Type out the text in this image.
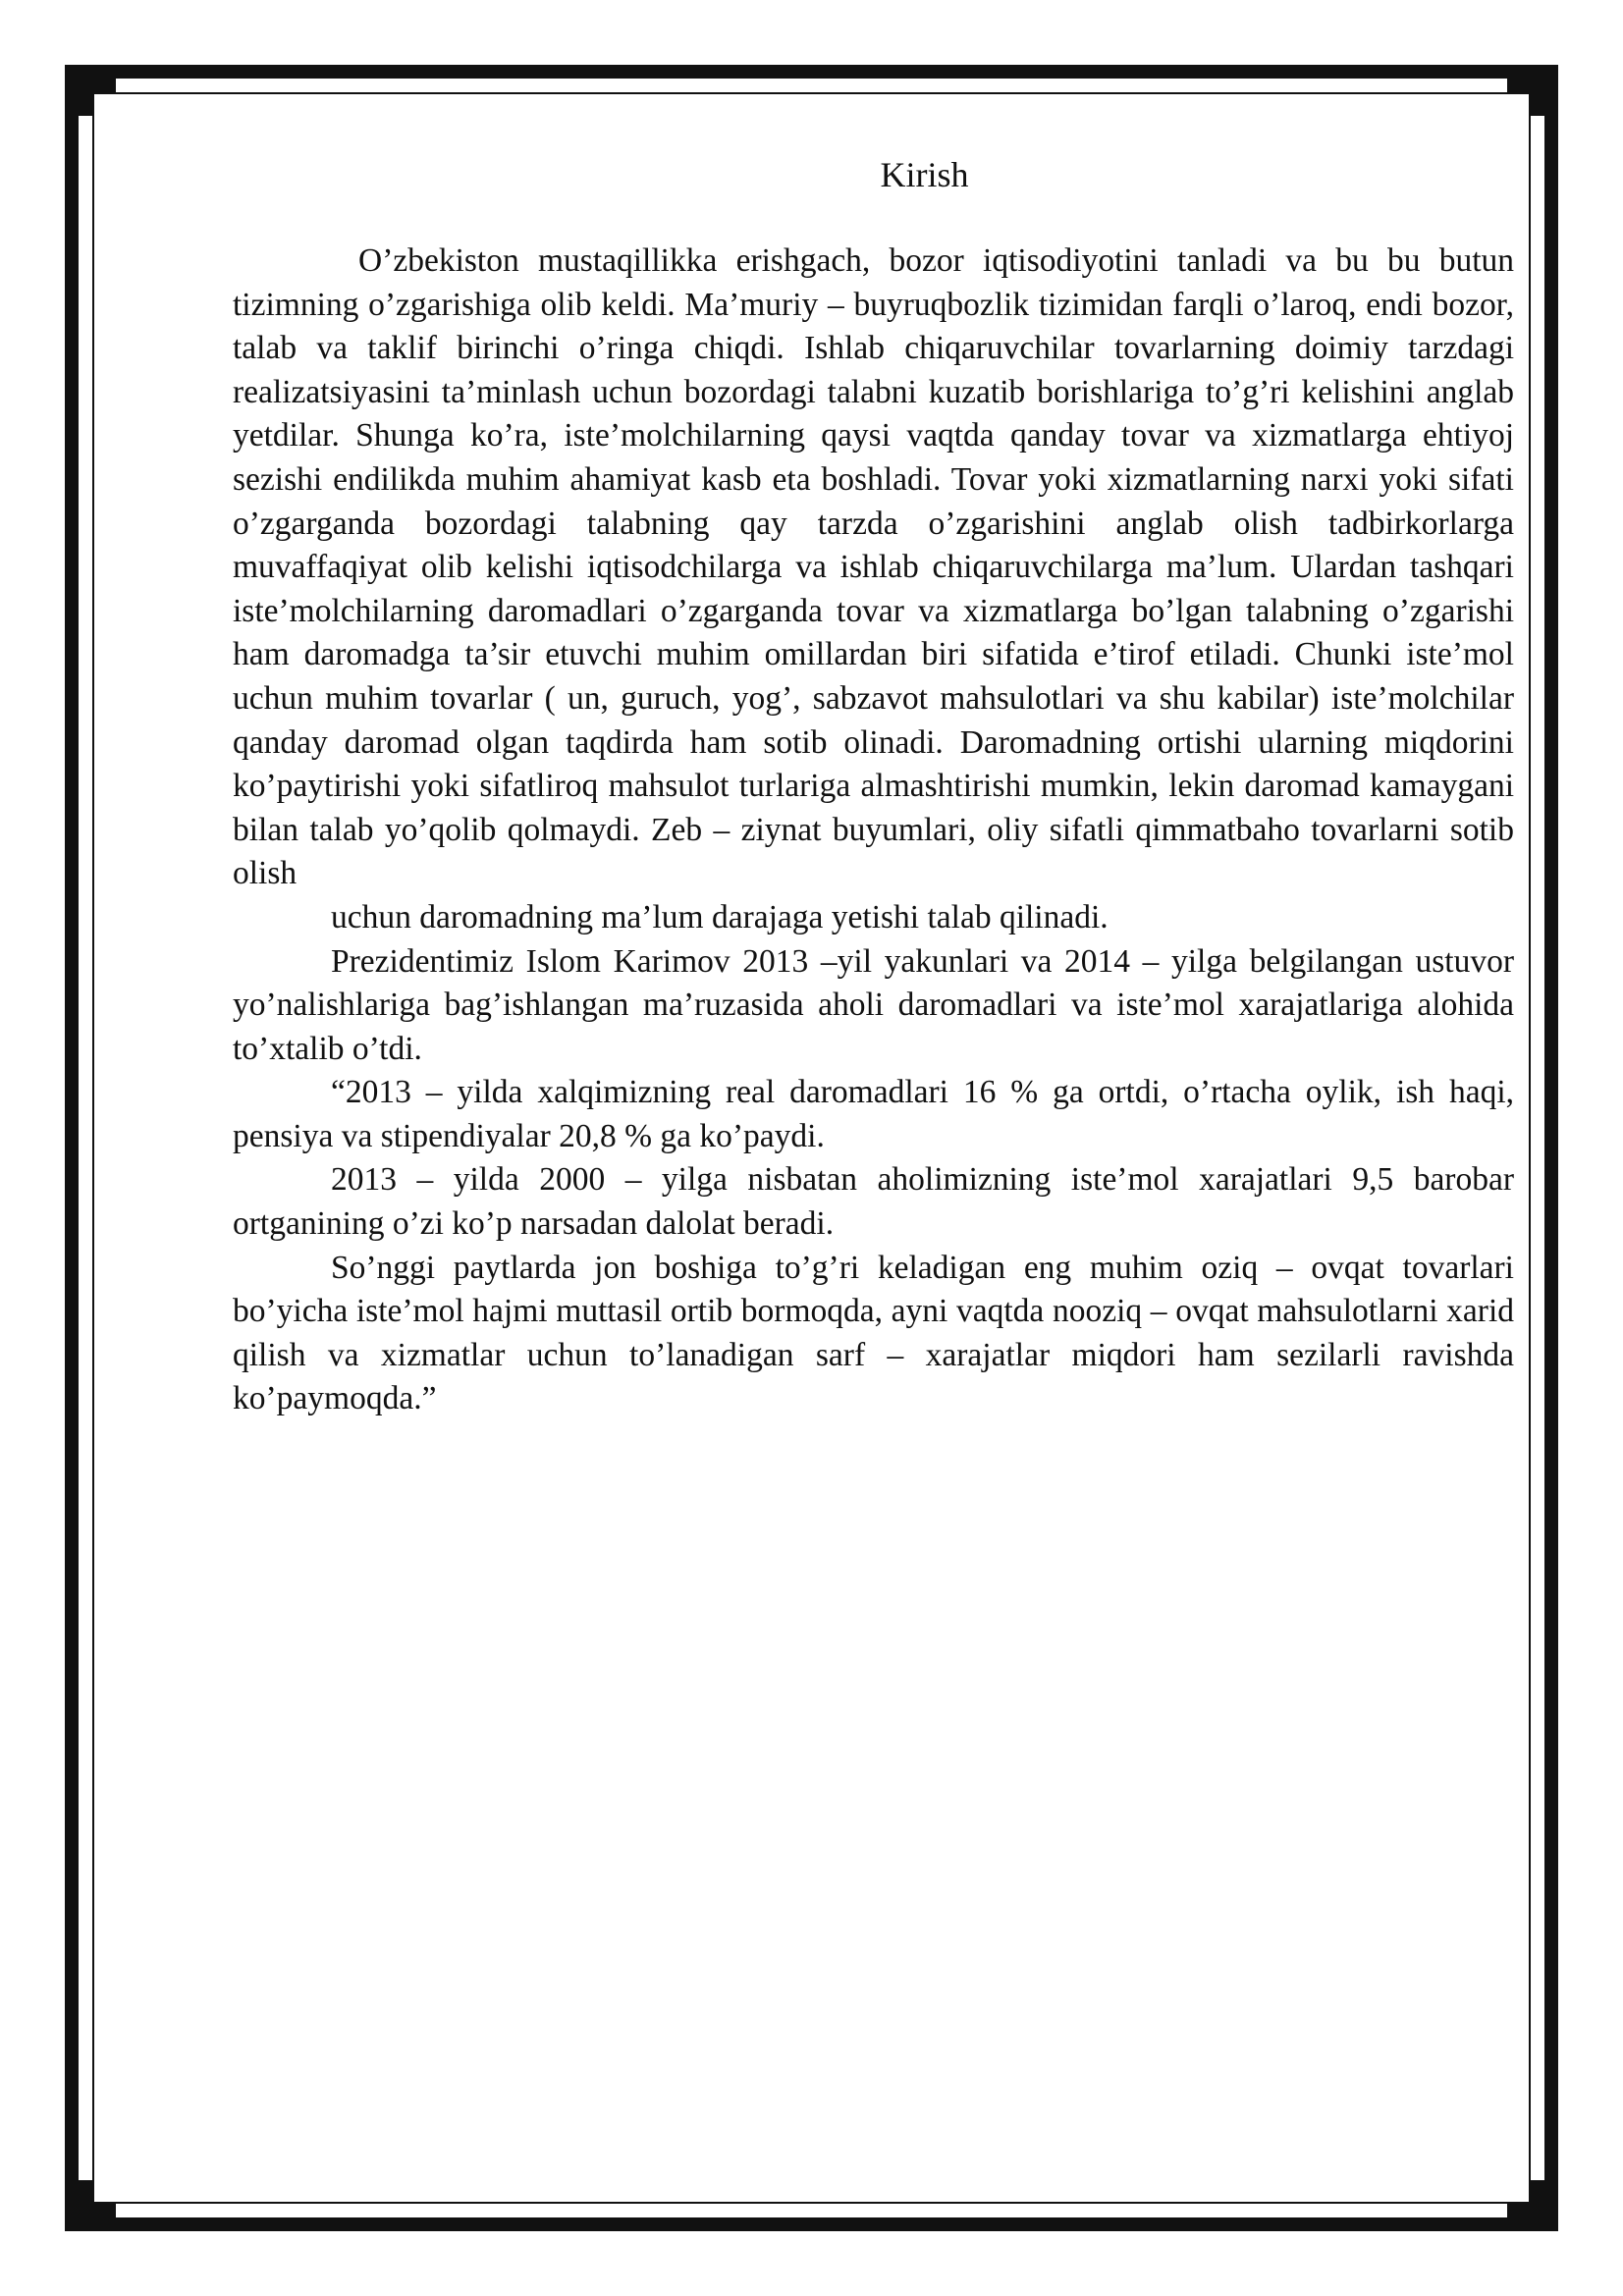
Kirish

O’zbekiston mustaqillikka erishgach, bozor iqtisodiyotini tanladi va bu bu butun tizimning o’zgarishiga olib keldi. Ma’muriy – buyruqbozlik tizimidan farqli o’laroq, endi bozor, talab va taklif birinchi o’ringa chiqdi. Ishlab chiqaruvchilar tovarlarning doimiy tarzdagi realizatsiyasini ta’minlash uchun bozordagi talabni kuzatib borishlariga to’g’ri kelishini anglab yetdilar. Shunga ko’ra, iste’molchilarning qaysi vaqtda qanday tovar va xizmatlarga ehtiyoj sezishi endilikda muhim ahamiyat kasb eta boshladi. Tovar yoki xizmatlarning narxi yoki sifati o’zgarganda bozordagi talabning qay tarzda o’zgarishini anglab olish tadbirkorlarga muvaffaqiyat olib kelishi iqtisodchilarga va ishlab chiqaruvchilarga ma’lum. Ulardan tashqari iste’molchilarning daromadlari o’zgarganda tovar va xizmatlarga bo’lgan talabning o’zgarishi ham daromadga ta’sir etuvchi muhim omillardan biri sifatida e’tirof etiladi. Chunki iste’mol uchun muhim tovarlar ( un, guruch, yog’, sabzavot mahsulotlari va shu kabilar) iste’molchilar qanday daromad olgan taqdirda ham sotib olinadi. Daromadning ortishi ularning miqdorini ko’paytirishi yoki sifatliroq mahsulot turlariga almashtirishi mumkin, lekin daromad kamaygani bilan talab yo’qolib qolmaydi. Zeb – ziynat buyumlari, oliy sifatli qimmatbaho tovarlarni sotib olish

uchun daromadning ma’lum darajaga yetishi talab qilinadi.

Prezidentimiz Islom Karimov 2013 –yil yakunlari va 2014 – yilga belgilangan ustuvor yo’nalishlariga bag’ishlangan ma’ruzasida aholi daromadlari va iste’mol xarajatlariga alohida to’xtalib o’tdi.

“2013 – yilda xalqimizning real daromadlari 16 % ga ortdi, o’rtacha oylik, ish haqi, pensiya va stipendiyalar 20,8 % ga ko’paydi.

2013 – yilda 2000 – yilga nisbatan aholimizning iste’mol xarajatlari 9,5 barobar ortganining o’zi ko’p narsadan dalolat beradi.

So’nggi paytlarda jon boshiga to’g’ri keladigan eng muhim oziq – ovqat tovarlari bo’yicha iste’mol hajmi muttasil ortib bormoqda, ayni vaqtda nooziq – ovqat mahsulotlarni xarid qilish va xizmatlar uchun to’lanadigan sarf – xarajatlar miqdori ham sezilarli ravishda ko’paymoqda.”
